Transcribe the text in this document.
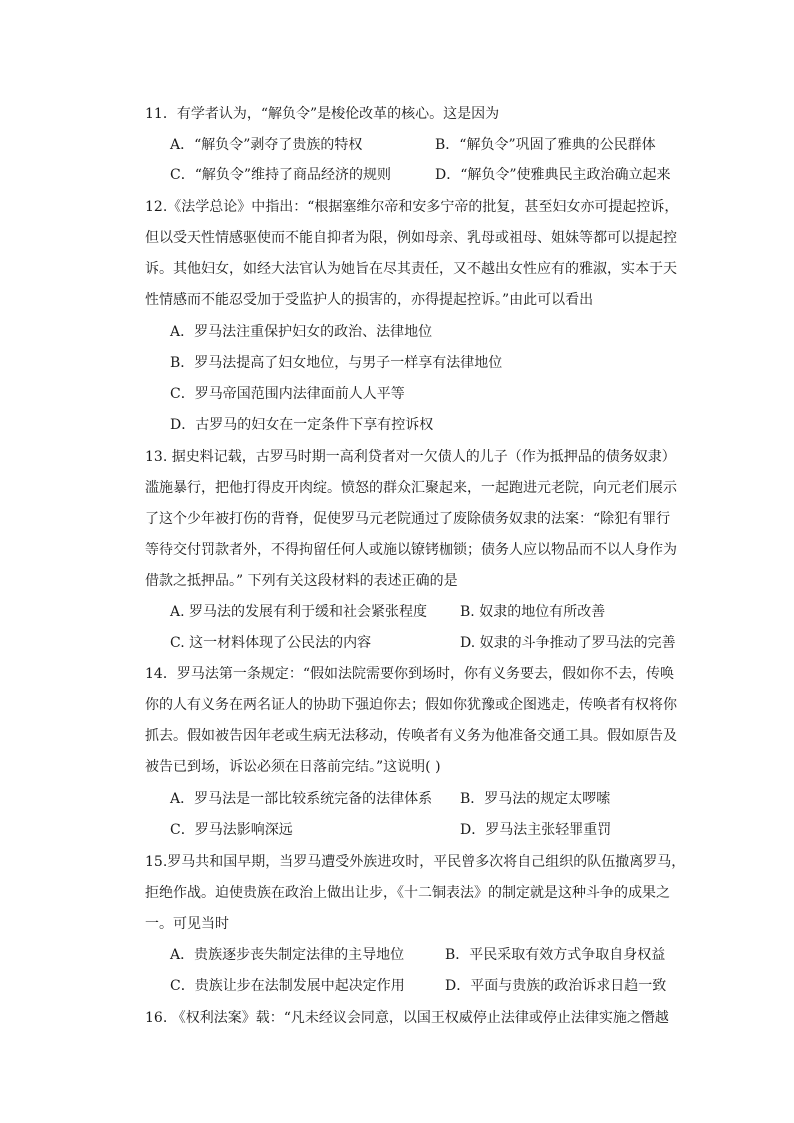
11．有学者认为，“解负令”是梭伦改革的核心。这是因为
A．“解负令”剥夺了贵族的特权	B．“解负令”巩固了雅典的公民群体
C．“解负令”维持了商品经济的规则	D．“解负令”使雅典民主政治确立起来
12.《法学总论》中指出：“根据塞维尔帝和安多宁帝的批复，甚至妇女亦可提起控诉，
但以受天性情感驱使而不能自抑者为限，例如母亲、乳母或祖母、姐妹等都可以提起控
诉。其他妇女，如经大法官认为她旨在尽其责任，又不越出女性应有的雅淑，实本于天
性情感而不能忍受加于受监护人的损害的，亦得提起控诉。”由此可以看出
A．罗马法注重保护妇女的政治、法律地位
B．罗马法提高了妇女地位，与男子一样享有法律地位
C．罗马帝国范围内法律面前人人平等
D．古罗马的妇女在一定条件下享有控诉权
13. 据史料记载，古罗马时期一高利贷者对一欠债人的儿子（作为抵押品的债务奴隶）
滥施暴行，把他打得皮开肉绽。愤怒的群众汇聚起来，一起跑进元老院，向元老们展示
了这个少年被打伤的背脊，促使罗马元老院通过了废除债务奴隶的法案：“除犯有罪行
等待交付罚款者外，不得拘留任何人或施以镣铐枷锁；债务人应以物品而不以人身作为
借款之抵押品。” 下列有关这段材料的表述正确的是
A. 罗马法的发展有利于缓和社会紧张程度 B. 奴隶的地位有所改善
C. 这一材料体现了公民法的内容	D. 奴隶的斗争推动了罗马法的完善
14．罗马法第一条规定：“假如法院需要你到场时，你有义务要去，假如你不去，传唤
你的人有义务在两名证人的协助下强迫你去；假如你犹豫或企图逃走，传唤者有权将你
抓去。假如被告因年老或生病无法移动，传唤者有义务为他准备交通工具。假如原告及
被告已到场，诉讼必须在日落前完结。”这说明( )
A．罗马法是一部比较系统完备的法律体系 B．罗马法的规定太啰嗦
C．罗马法影响深远	D．罗马法主张轻罪重罚
15.罗马共和国早期，当罗马遭受外族进攻时，平民曾多次将自己组织的队伍撤离罗马，
拒绝作战。迫使贵族在政治上做出让步，《十二铜表法》的制定就是这种斗争的成果之
一。可见当时
A．贵族逐步丧失制定法律的主导地位	B．平民采取有效方式争取自身权益
C．贵族让步在法制发展中起决定作用	D．平面与贵族的政治诉求日趋一致
16. 《权利法案》载：“凡未经议会同意，以国王权威停止法律或停止法律实施之僭越
